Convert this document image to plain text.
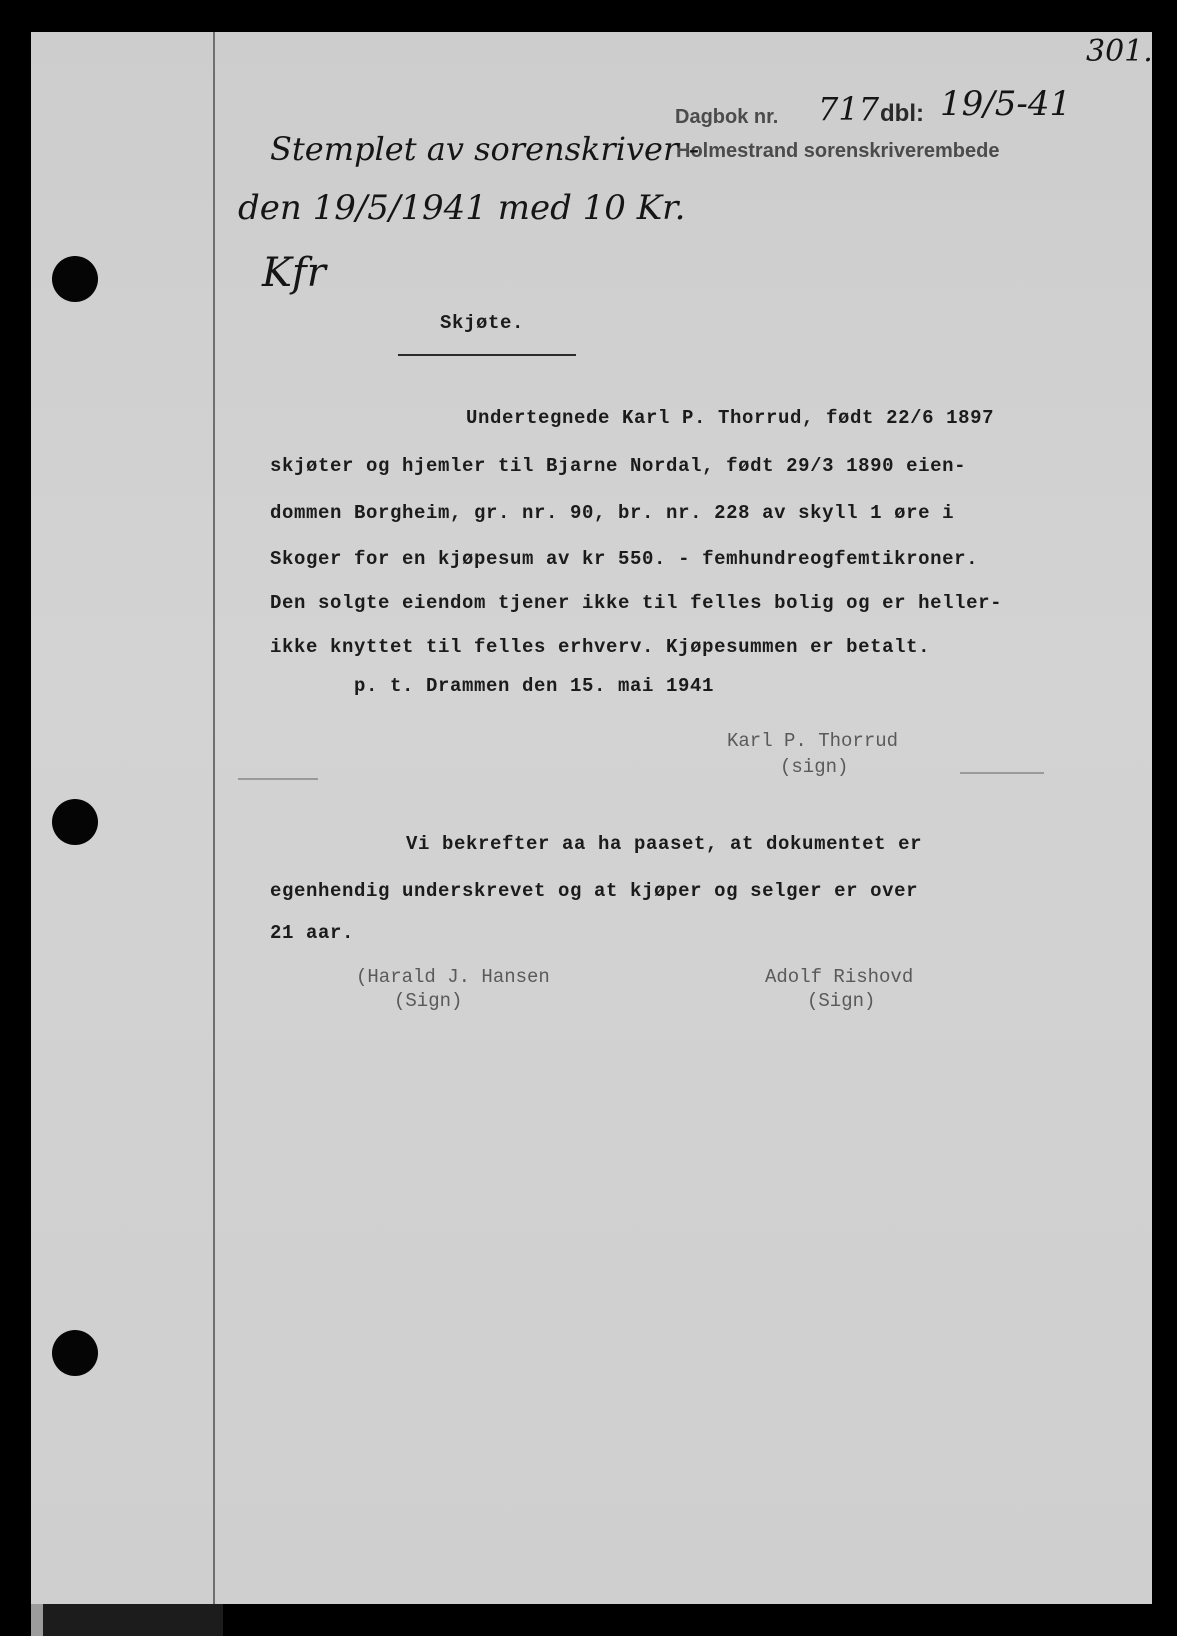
301.
Dagbok nr. 717 dbl: 19/5-41
Holmestrand sorenskriverembede
Stemplet av sorenskriver -
den 19/5/1941 med 10 Kr.
Kfr
Skjøte.
Undertegnede Karl P. Thorrud, født 22/6 1897
skjøter og hjemler til Bjarne Nordal, født 29/3 1890 eien-
dommen Borgheim, gr. nr. 90, br. nr. 228 av skyll 1 øre i
Skoger for en kjøpesum av kr 550. - femhundreogfemtikroner.
Den solgte eiendom tjener ikke til felles bolig og er heller-
ikke knyttet til felles erhverv. Kjøpesummen er betalt.
p. t. Drammen den 15. mai 1941
Karl P. Thorrud
(sign)
Vi bekrefter aa ha paaset, at dokumentet er
egenhendig underskrevet og at kjøper og selger er over
21 aar.
(Harald J. Hansen
(Sign)
Adolf Rishovd
(Sign)
